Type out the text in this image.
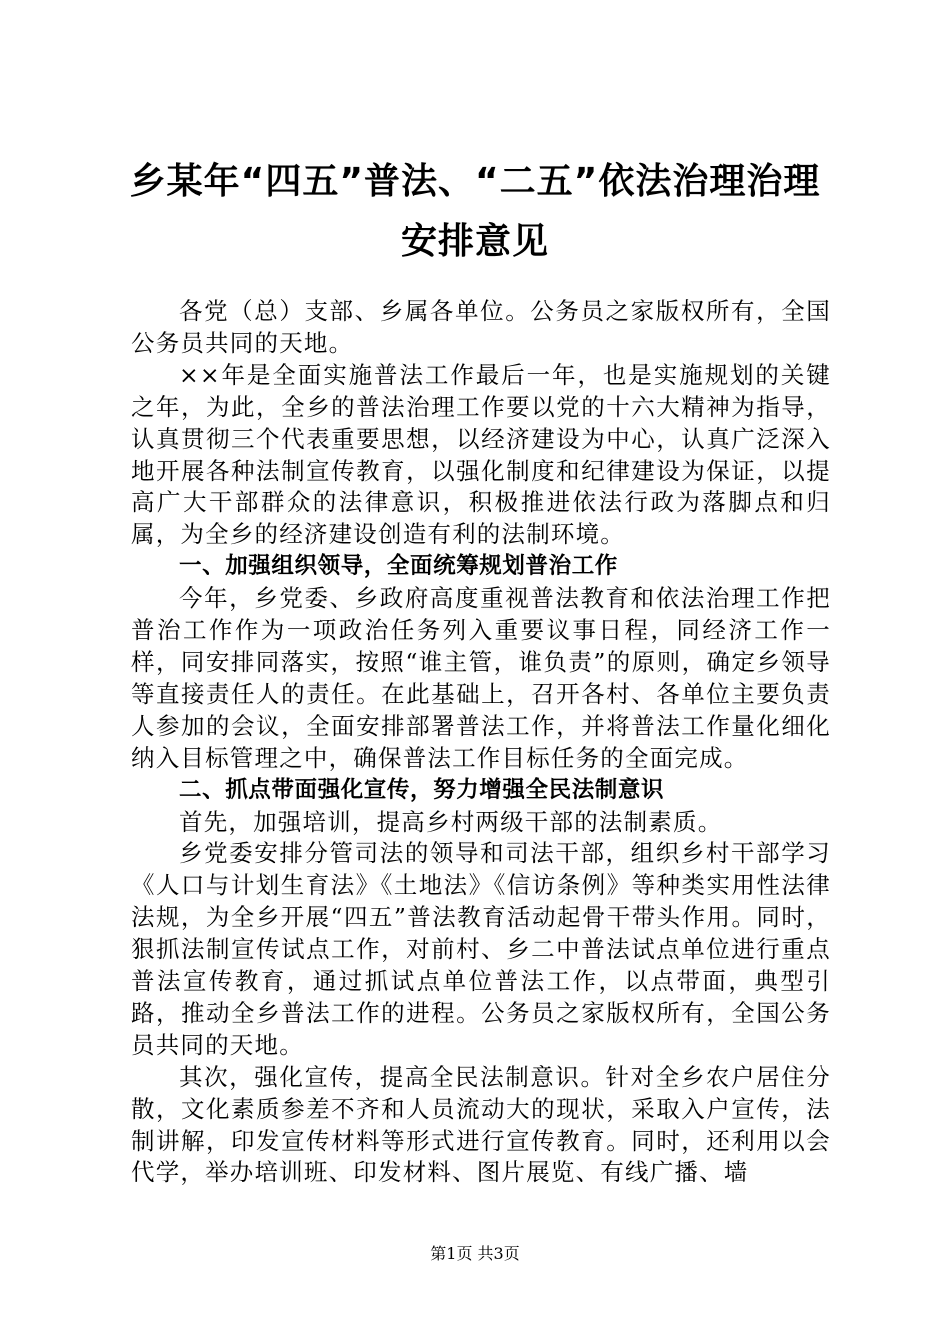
乡某年“四五”普法、“二五”依法治理治理
安排意见

各党（总）支部、乡属各单位。公务员之家版权所有，全国公务员共同的天地。

××年是全面实施普法工作最后一年，也是实施规划的关键之年，为此，全乡的普法治理工作要以党的十六大精神为指导，认真贯彻三个代表重要思想，以经济建设为中心，认真广泛深入地开展各种法制宣传教育，以强化制度和纪律建设为保证，以提高广大干部群众的法律意识，积极推进依法行政为落脚点和归属，为全乡的经济建设创造有利的法制环境。

一、加强组织领导，全面统筹规划普治工作

今年，乡党委、乡政府高度重视普法教育和依法治理工作把普治工作作为一项政治任务列入重要议事日程，同经济工作一样，同安排同落实，按照“谁主管，谁负责”的原则，确定乡领导等直接责任人的责任。在此基础上，召开各村、各单位主要负责人参加的会议，全面安排部署普法工作，并将普法工作量化细化纳入目标管理之中，确保普法工作目标任务的全面完成。

二、抓点带面强化宣传，努力增强全民法制意识

首先，加强培训，提高乡村两级干部的法制素质。

乡党委安排分管司法的领导和司法干部，组织乡村干部学习《人口与计划生育法》《土地法》《信访条例》等种类实用性法律法规，为全乡开展“四五”普法教育活动起骨干带头作用。同时，狠抓法制宣传试点工作，对前村、乡二中普法试点单位进行重点普法宣传教育，通过抓试点单位普法工作，以点带面，典型引路，推动全乡普法工作的进程。公务员之家版权所有，全国公务员共同的天地。

其次，强化宣传，提高全民法制意识。针对全乡农户居住分散，文化素质参差不齐和人员流动大的现状，采取入户宣传，法制讲解，印发宣传材料等形式进行宣传教育。同时，还利用以会代学，举办培训班、印发材料、图片展览、有线广播、墙

第1页 共3页
